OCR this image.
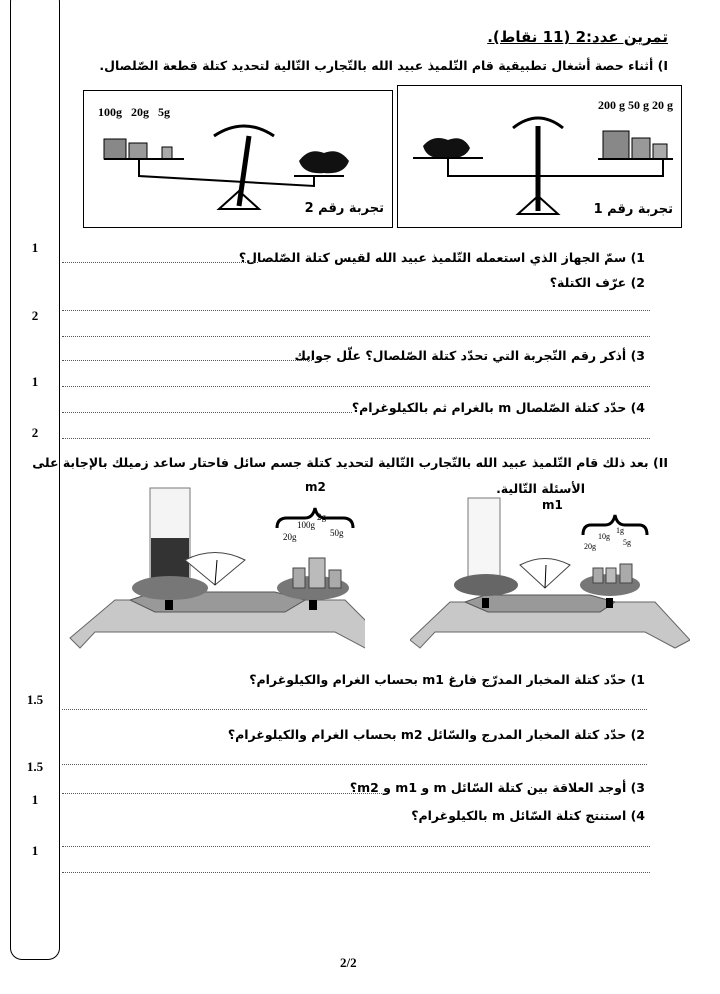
1
2
1
2
1.5
1.5
1
1
تمرين عدد:2 (11 نقاط).
I) أثناء حصة أشغال تطبيقية قام التّلميذ عبيد الله بالتّجارب التّالية لتحديد كتلة قطعة الصّلصال.
100g   20g   5g
تجربة رقم 2
200 g 50 g 20 g
تجربة رقم 1
1) سمّ الجهاز الذي استعمله التّلميذ عبيد الله لقيس كتلة الصّلصال؟
2) عرّف الكتلة؟
3) أذكر رقم التّجربة التي تحدّد كتلة الصّلصال؟ علّل جوابك
4) حدّد كتلة الصّلصال m بالغرام ثم بالكيلوغرام؟
II) بعد ذلك قام التّلميذ عبيد الله بالتّجارب التّالية لتحديد كتلة جسم سائل فاحتار ساعد زميلك بالإجابة على
الأسئلة التّالية.
m2
20g
100g
2g
50g
m1
20g
10g
1g
5g
1) حدّد كتلة المخبار المدرّج فارغ m1 بحساب الغرام والكيلوغرام؟
2) حدّد كتلة المخبار المدرج والسّائل m2 بحساب الغرام والكيلوغرام؟
3) أوجد العلاقة بين كتلة السّائل m و m1 و m2؟
4) استنتج كتلة السّائل m بالكيلوغرام؟
2/2
